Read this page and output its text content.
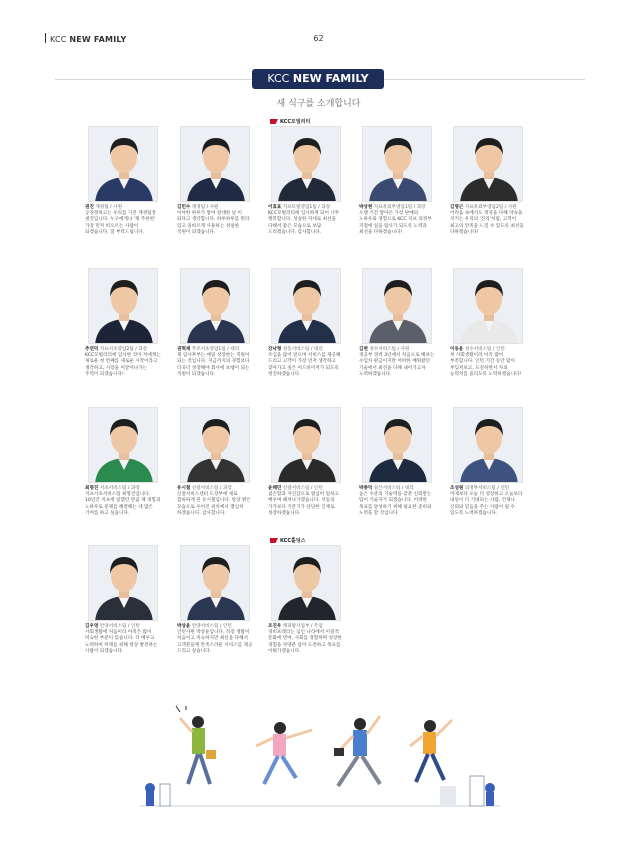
KCC NEW FAMILY	62
KCC NEW FAMILY
새 식구를 소개합니다
KCC모빌리티
KCC홀딩스
권진 재경팀 / 사원
공경정하고는 우리를 가진 재경팀장 권진입니다. 누구에게나 '제 푸른한' 가장 먼저 떠오르는 사람이 되겠습니다. 잘 부탁드립니다.
김민수 재경팀 / 사원
이야한 하루가 쌓여 창대한 날 이 되다고 생각합니다. 하루하루를 뭐라 있고 올바르게 사용하는 성실한 직원이 되겠습니다.
이효표 지프모빌영업1팀 / 과장
KCC모빌리티에 입사하게 되어 너무 행복합니다. 성실한 자세로 최선을 다해서 좋은 모습으로 보답 드리겠습니다. 감사합니다.
박상현 지프옥외부영업1팀 / 과장
오랜 기간 쌓아온 가장 판매의 노하우와 경험으로 KCC 지프 의정부 지점에 일을 탐사가 되도록 노력과 최선을 다하겠습니다!
김명근 지프옥외부영업2팀 / 사원
어려움 속에서도 정성을 다해 약속을 지키는 우리의 '진리'처럼, 고객이 최고의 만족을 느낄 수 있도록 최선을 다하겠습니다!
추연덕 지프서초영업2팀 / 과장
KCC모빌리티에 입사한 것이 저에게는 새로운 첫 번째를 새로운 시작이라고 생각하고, 시장을 이끌어나가는 주역이 되겠습니다!
권혁재 푸조서초영업1팀 / 대리
제 입사후부는 매일 성장한는 직원이 되는 것입니다. 지금까지의 경험보다 더욱더 성장해야 회사에 보탬이 되는 직원이 되겠습니다.
강낙형 성동서비스팀 / 대리
조심을 많이 앞으며 서비스를 제공해 드리고 고객이 가장 먼저 생각하고 찾아가고 싶은 어드바이저가 되도록 정진하겠습니다.
김현 성수서비스팀 / 사원
경공부 경력 3년에서 처음으로 해보는 수입차 판금이지만 어떠한 배워왔던 기술에서 최선을 다해 내어가고자 노력하겠습니다.
이동윤 성수서비스팀 / 인턴
첫 사회생활이라 아직 많이 부족합니다. 인턴 기간 동안 많이 부딪쳐보고, 도전하면서 자의 능력치를 올리도록 노력하겠습니다!
최명진 서초서비스팀 / 과장
지프서초서비스팀 최명진입니다. 10년간 지프에 일했던 만큼 제 경험과 노하우로 문제를 해결해는 데 많은 기여를 하고 싶습니다.
유시철 신갈서비스팀 / 과장
신갈서비스센터 도장부에 새로 합류하게 된 유시철입니다. 항상 밝은 모습으로 우어진 위치에서 열심히 하겠습니다. 감사합니다.
윤해민 신갈서비스팀 / 인턴
겸손함과 자신감으로 열심히 일하고 배우며 헤쳐나가겠습니다. 서동의 가가보다 기본기가 단단한 인재로 성장하겠습니다.
박종덕 일산서비스팀 / 대리
높은 수준의 기술력을 갖춘 신뢰받는 팀이 기술자가 되겠습니다. 어려한 목표를 달성하기 위해 필요한 준비와 노력을 할 것입니다.
조성원 의정부서비스팀 / 인턴
어제보다 오늘 더 성장하고 오늘보다 내일이 더 기대되는 사람, 언제나 신뢰와 믿음을 주는 사람이 될 수 있도록 노력하겠습니다.
김우영 안양서비스팀 / 인턴
사회생활에 처음이라 아직은 많이 미숙한 부분이 있습니다. 더 배우고 노력하여 미래를 위해 항상 발전하는 사람이 되겠습니다.
박상윤 안양서비스팀 / 인턴
인턴사원 박상윤입니다. 직장 생활이 처음이고 미숙하지만 최선을 다해서 고객분들께 만족스러운 서비스를 제공 드리고 싶습니다.
조진우 캐피탈사업부 / 주임
경비프레리는 넋인 나라에서 이질적 문화에 면여, 사회를 경험하며 성장한 경험을 자양분 삼아 도전하고 목표를 이뤄가겠습니다.
